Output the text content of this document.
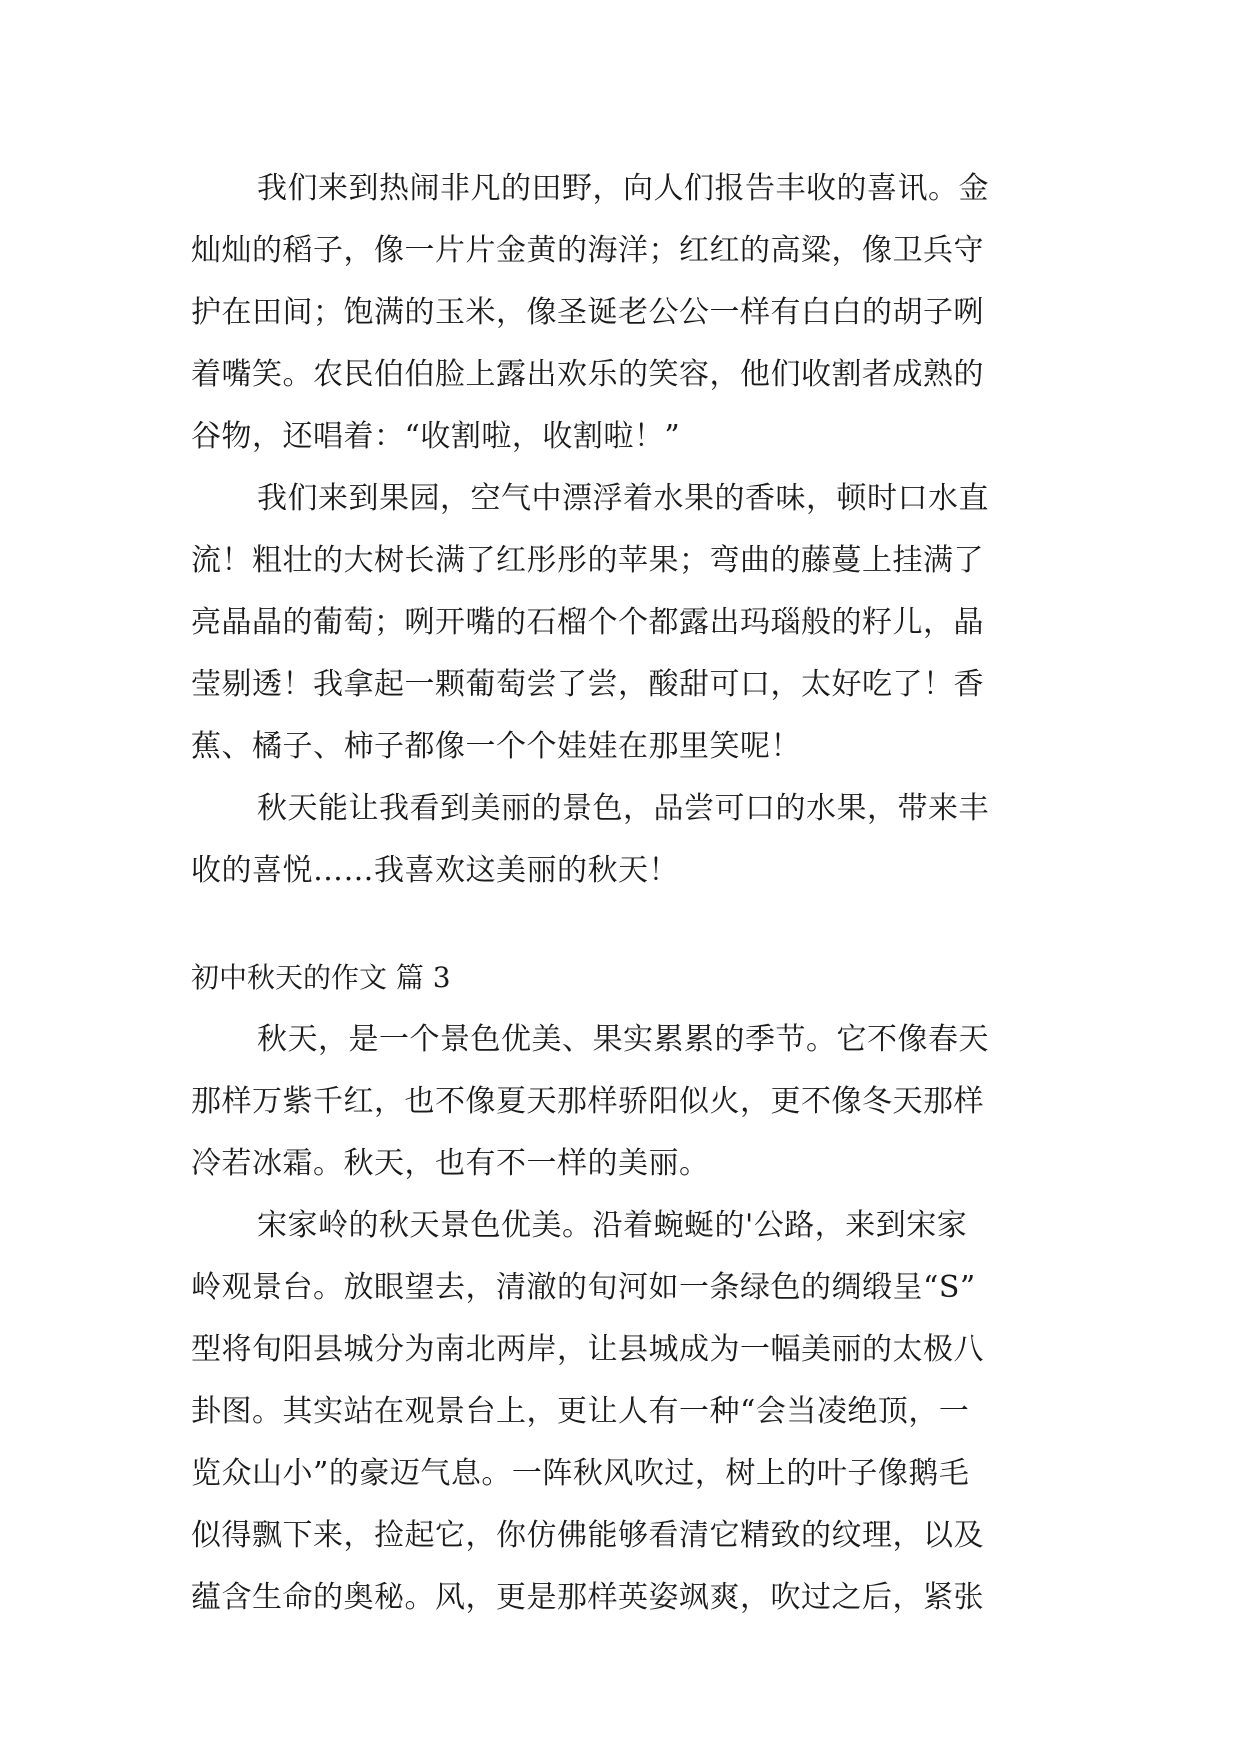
我们来到热闹非凡的田野，向人们报告丰收的喜讯。金
灿灿的稻子，像一片片金黄的海洋；红红的高粱，像卫兵守
护在田间；饱满的玉米，像圣诞老公公一样有白白的胡子咧
着嘴笑。农民伯伯脸上露出欢乐的笑容，他们收割者成熟的
谷物，还唱着：“收割啦，收割啦！”
我们来到果园，空气中漂浮着水果的香味，顿时口水直
流！粗壮的大树长满了红彤彤的苹果；弯曲的藤蔓上挂满了
亮晶晶的葡萄；咧开嘴的石榴个个都露出玛瑙般的籽儿，晶
莹剔透！我拿起一颗葡萄尝了尝，酸甜可口，太好吃了！香
蕉、橘子、柿子都像一个个娃娃在那里笑呢！
秋天能让我看到美丽的景色，品尝可口的水果，带来丰
收的喜悦……我喜欢这美丽的秋天！
初中秋天的作文 篇 3
秋天，是一个景色优美、果实累累的季节。它不像春天
那样万紫千红，也不像夏天那样骄阳似火，更不像冬天那样
冷若冰霜。秋天，也有不一样的美丽。
宋家岭的秋天景色优美。沿着蜿蜒的'公路，来到宋家
岭观景台。放眼望去，清澈的旬河如一条绿色的绸缎呈“S”
型将旬阳县城分为南北两岸，让县城成为一幅美丽的太极八
卦图。其实站在观景台上，更让人有一种“会当凌绝顶，一
览众山小”的豪迈气息。一阵秋风吹过，树上的叶子像鹅毛
似得飘下来，捡起它，你仿佛能够看清它精致的纹理，以及
蕴含生命的奥秘。风，更是那样英姿飒爽，吹过之后，紧张
